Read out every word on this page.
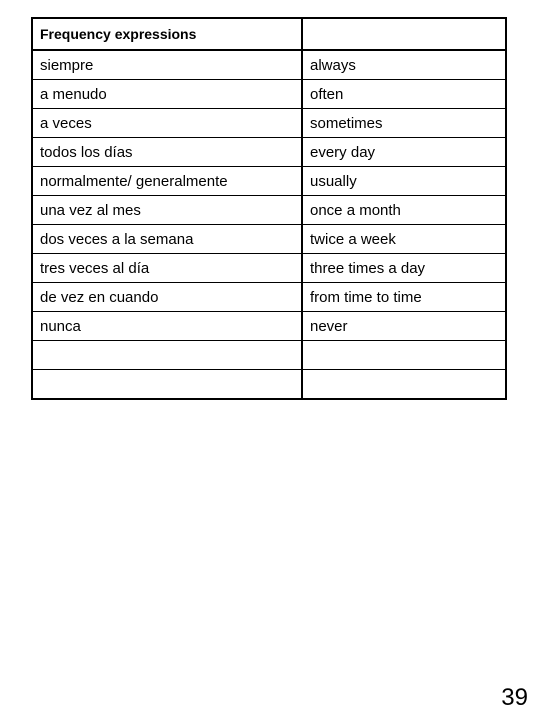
Frequency expressions	
siempre	always
a menudo	often
a veces	sometimes
todos los días	every day
normalmente/ generalmente	usually
una vez al mes	once a month
dos veces a la semana	twice a week
tres veces al día	three times a day
de vez en cuando	from time to time
nunca	never

39
